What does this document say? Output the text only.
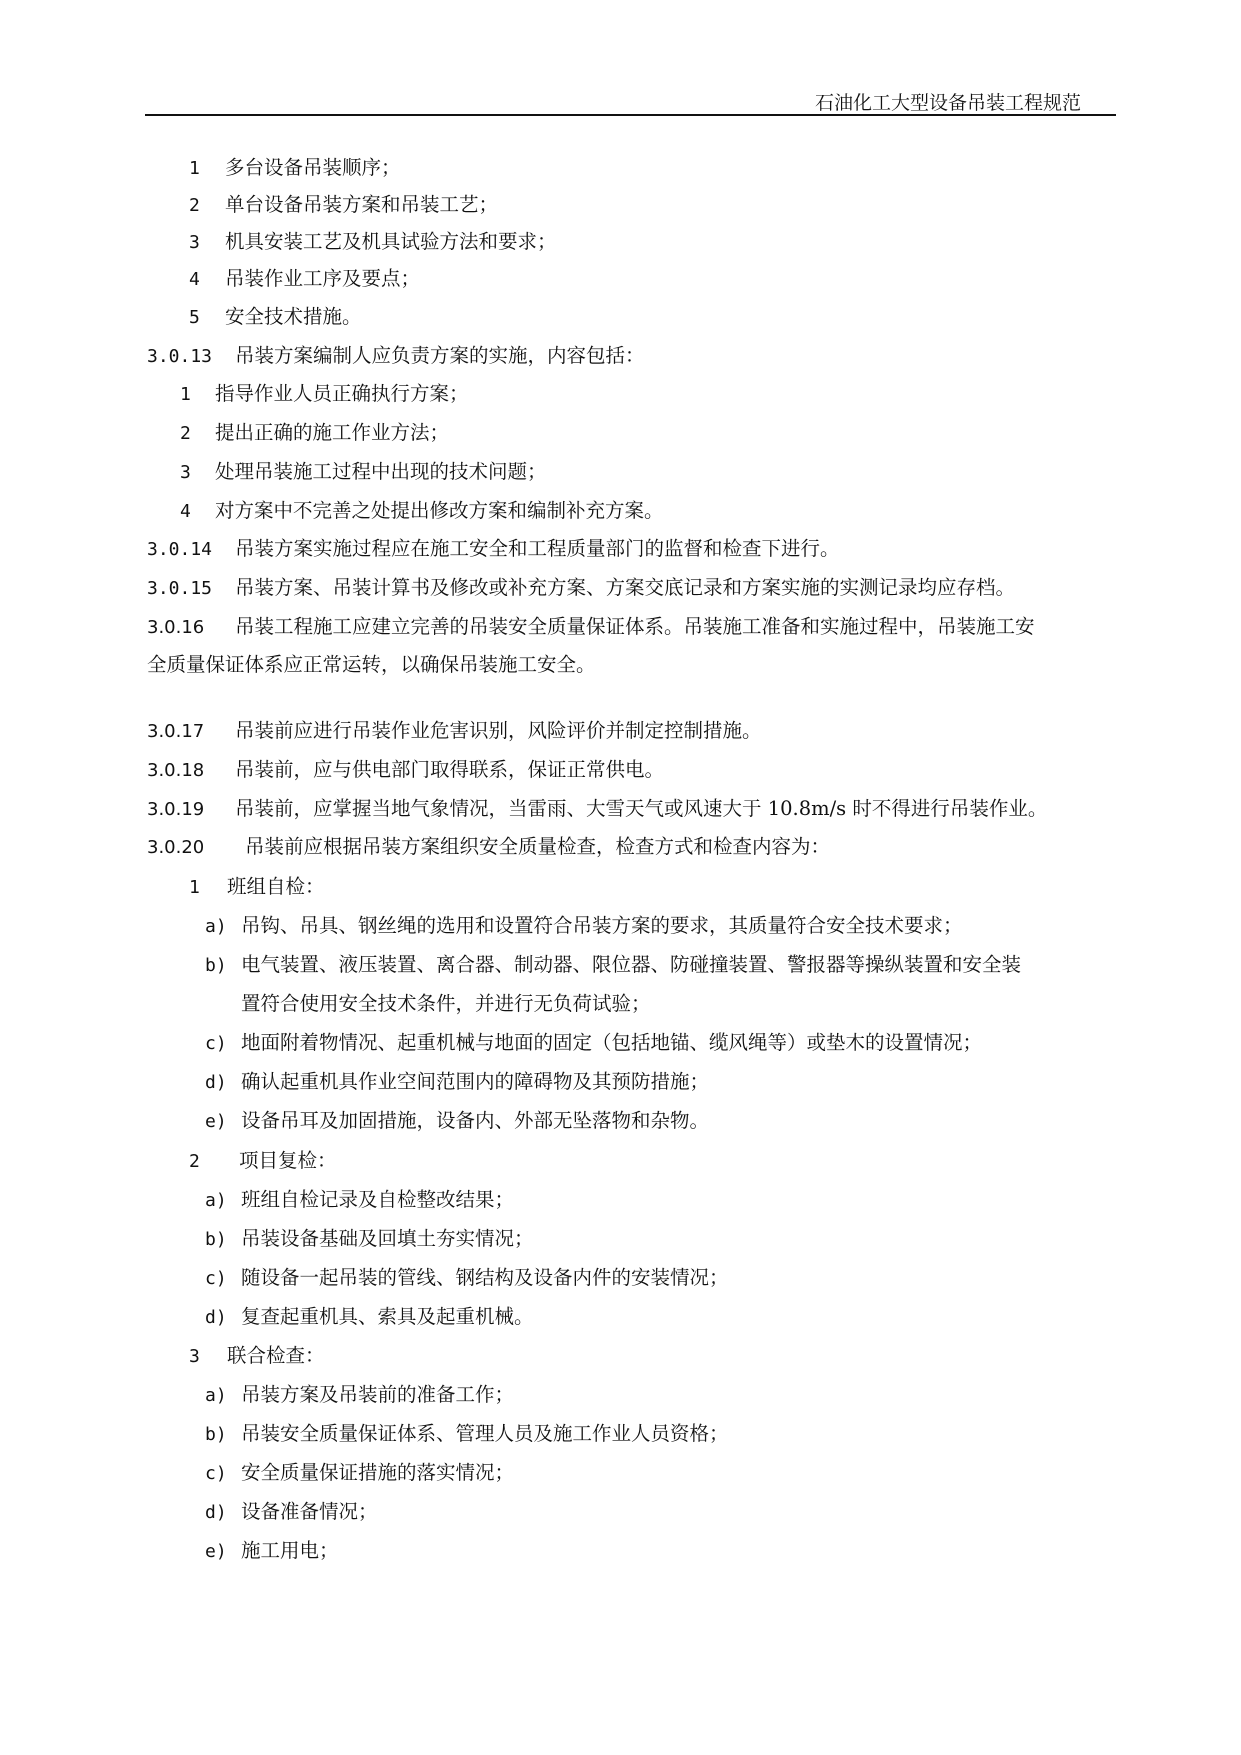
石油化工大型设备吊装工程规范
1 多台设备吊装顺序；
2 单台设备吊装方案和吊装工艺；
3 机具安装工艺及机具试验方法和要求；
4 吊装作业工序及要点；
5 安全技术措施。
3.0.13 吊装方案编制人应负责方案的实施，内容包括：
1 指导作业人员正确执行方案；
2 提出正确的施工作业方法；
3 处理吊装施工过程中出现的技术问题；
4 对方案中不完善之处提出修改方案和编制补充方案。
3.0.14 吊装方案实施过程应在施工安全和工程质量部门的监督和检查下进行。
3.0.15 吊装方案、吊装计算书及修改或补充方案、方案交底记录和方案实施的实测记录均应存档。
3.0.16 吊装工程施工应建立完善的吊装安全质量保证体系。吊装施工准备和实施过程中，吊装施工安
全质量保证体系应正常运转，以确保吊装施工安全。
3.0.17 吊装前应进行吊装作业危害识别，风险评价并制定控制措施。
3.0.18 吊装前，应与供电部门取得联系，保证正常供电。
3.0.19 吊装前，应掌握当地气象情况，当雷雨、大雪天气或风速大于 10.8m/s 时不得进行吊装作业。
3.0.20 吊装前应根据吊装方案组织安全质量检查，检查方式和检查内容为：
1 班组自检：
a) 吊钩、吊具、钢丝绳的选用和设置符合吊装方案的要求，其质量符合安全技术要求；
b) 电气装置、液压装置、离合器、制动器、限位器、防碰撞装置、警报器等操纵装置和安全装
置符合使用安全技术条件，并进行无负荷试验；
c) 地面附着物情况、起重机械与地面的固定（包括地锚、缆风绳等）或垫木的设置情况；
d) 确认起重机具作业空间范围内的障碍物及其预防措施；
e) 设备吊耳及加固措施，设备内、外部无坠落物和杂物。
2 项目复检：
a) 班组自检记录及自检整改结果；
b) 吊装设备基础及回填土夯实情况；
c) 随设备一起吊装的管线、钢结构及设备内件的安装情况；
d) 复查起重机具、索具及起重机械。
3 联合检查：
a) 吊装方案及吊装前的准备工作；
b) 吊装安全质量保证体系、管理人员及施工作业人员资格；
c) 安全质量保证措施的落实情况；
d) 设备准备情况；
e) 施工用电；
